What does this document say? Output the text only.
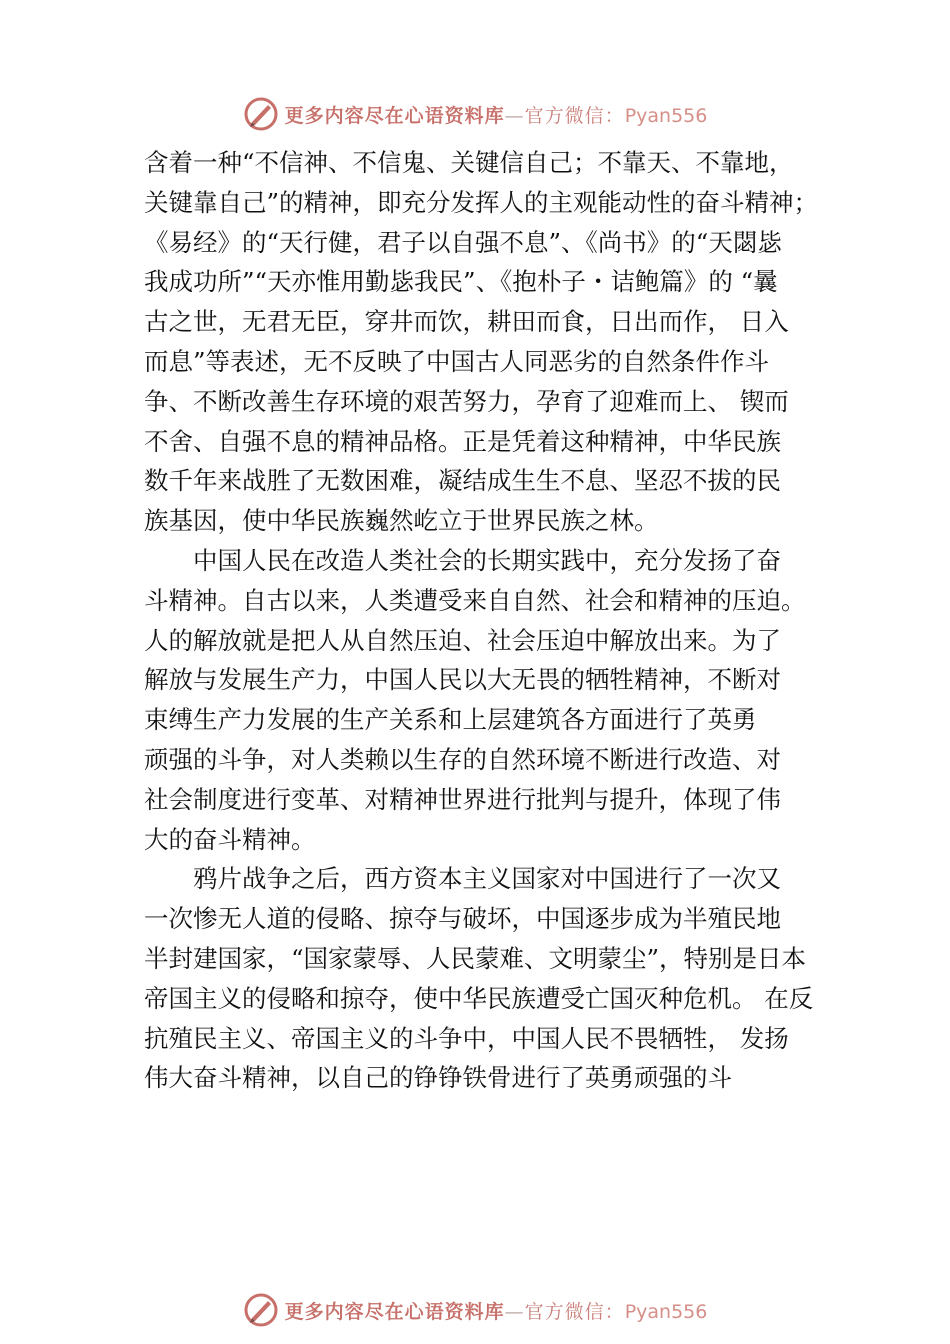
更多内容尽在心语资料库—官方微信：Pyan556
含着一种“不信神、不信鬼、关键信自己；不靠天、不靠地，
关键靠自己”的精神，即充分发挥人的主观能动性的奋斗精神；
《易经》的“天行健，君子以自强不息”、《尚书》的“天閟毖
我成功所”“天亦惟用勤毖我民”、《抱朴子・诘鲍篇》的 “曩
古之世，无君无臣，穿井而饮，耕田而食，日出而作， 日入
而息”等表述，无不反映了中国古人同恶劣的自然条件作斗
争、不断改善生存环境的艰苦努力，孕育了迎难而上、 锲而
不舍、自强不息的精神品格。正是凭着这种精神，中华民族
数千年来战胜了无数困难，凝结成生生不息、坚忍不拔的民
族基因，使中华民族巍然屹立于世界民族之林。
中国人民在改造人类社会的长期实践中，充分发扬了奋
斗精神。自古以来，人类遭受来自自然、社会和精神的压迫。
人的解放就是把人从自然压迫、社会压迫中解放出来。为了
解放与发展生产力，中国人民以大无畏的牺牲精神，不断对
束缚生产力发展的生产关系和上层建筑各方面进行了英勇
顽强的斗争，对人类赖以生存的自然环境不断进行改造、对
社会制度进行变革、对精神世界进行批判与提升，体现了伟
大的奋斗精神。
鸦片战争之后，西方资本主义国家对中国进行了一次又
一次惨无人道的侵略、掠夺与破坏，中国逐步成为半殖民地
半封建国家，“国家蒙辱、人民蒙难、文明蒙尘”，特别是日本
帝国主义的侵略和掠夺，使中华民族遭受亡国灭种危机。 在反
抗殖民主义、帝国主义的斗争中，中国人民不畏牺牲， 发扬
伟大奋斗精神，以自己的铮铮铁骨进行了英勇顽强的斗
更多内容尽在心语资料库—官方微信：Pyan556
